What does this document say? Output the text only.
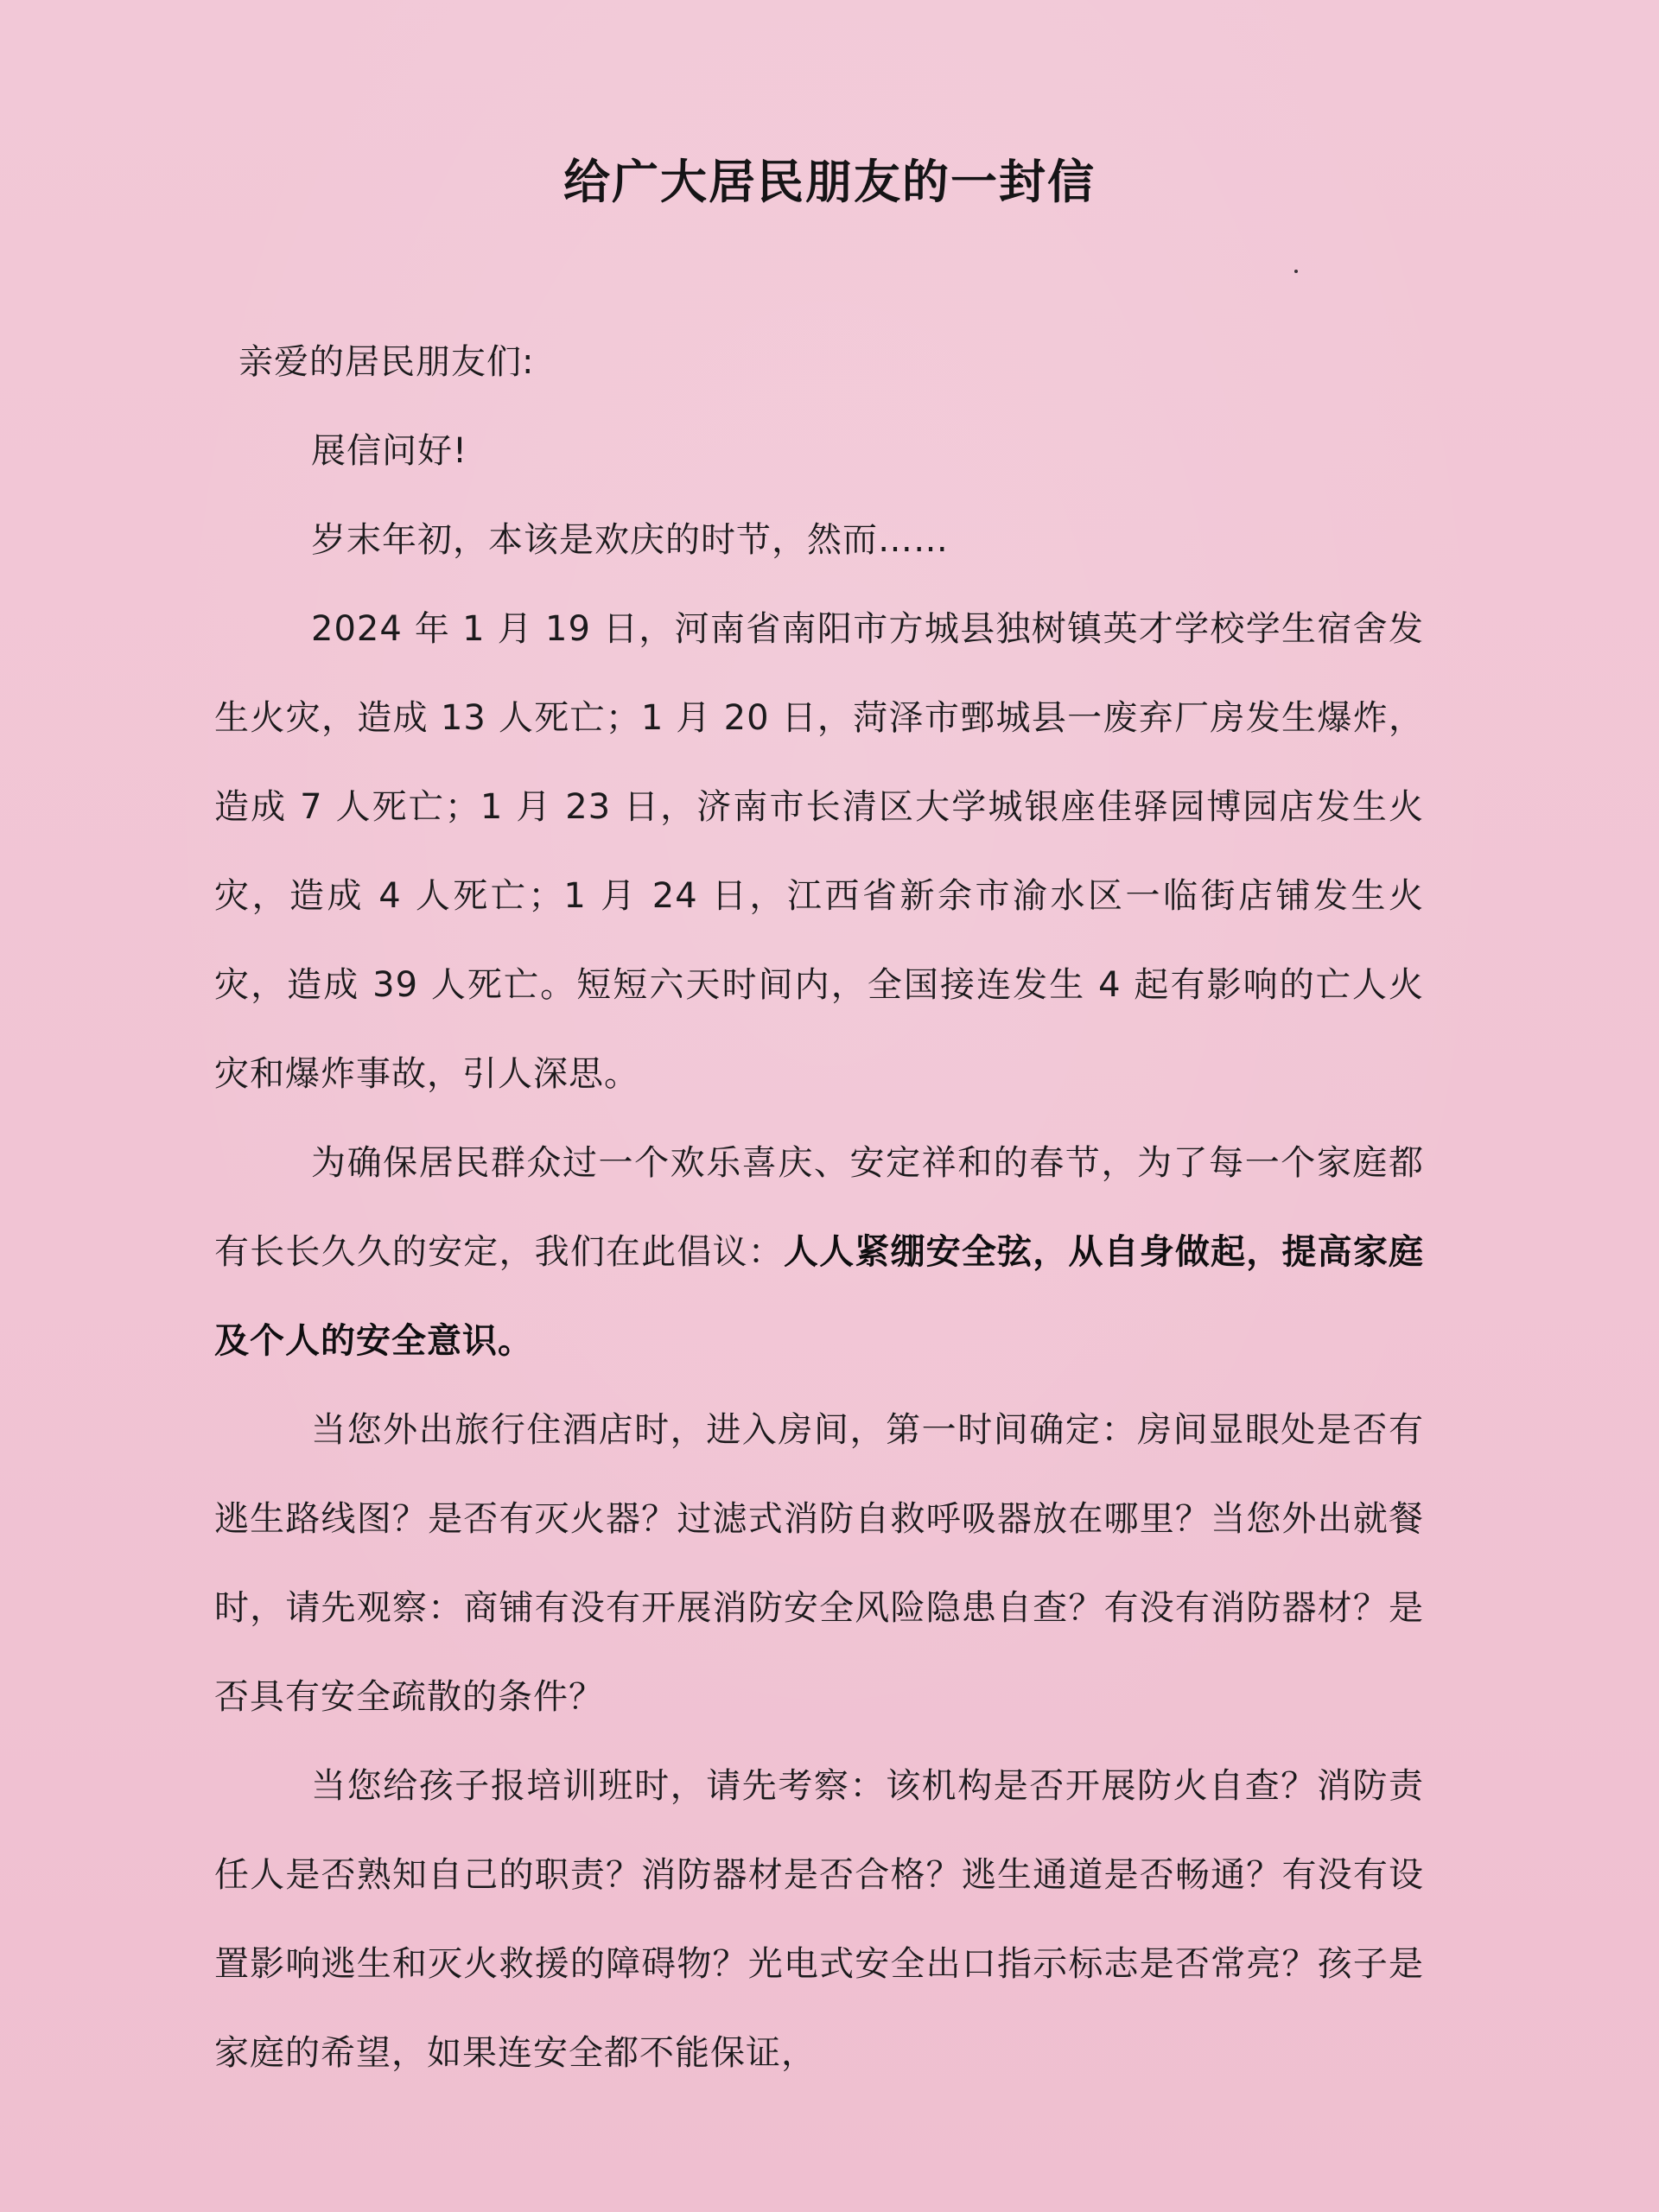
给广大居民朋友的一封信

亲爱的居民朋友们:

展信问好!

岁末年初，本该是欢庆的时节，然而……

2024 年 1 月 19 日，河南省南阳市方城县独树镇英才学校学生宿舍发生火灾，造成 13 人死亡；1 月 20 日，菏泽市鄄城县一废弃厂房发生爆炸，造成 7 人死亡；1 月 23 日，济南市长清区大学城银座佳驿园博园店发生火灾，造成 4 人死亡；1 月 24 日，江西省新余市渝水区一临街店铺发生火灾，造成 39 人死亡。短短六天时间内，全国接连发生 4 起有影响的亡人火灾和爆炸事故，引人深思。

为确保居民群众过一个欢乐喜庆、安定祥和的春节，为了每一个家庭都有长长久久的安定，我们在此倡议：人人紧绷安全弦，从自身做起，提高家庭及个人的安全意识。

当您外出旅行住酒店时，进入房间，第一时间确定：房间显眼处是否有逃生路线图？是否有灭火器？过滤式消防自救呼吸器放在哪里？当您外出就餐时，请先观察：商铺有没有开展消防安全风险隐患自查？有没有消防器材？是否具有安全疏散的条件？

当您给孩子报培训班时，请先考察：该机构是否开展防火自查？消防责任人是否熟知自己的职责？消防器材是否合格？逃生通道是否畅通？有没有设置影响逃生和灭火救援的障碍物？光电式安全出口指示标志是否常亮？孩子是家庭的希望，如果连安全都不能保证，
